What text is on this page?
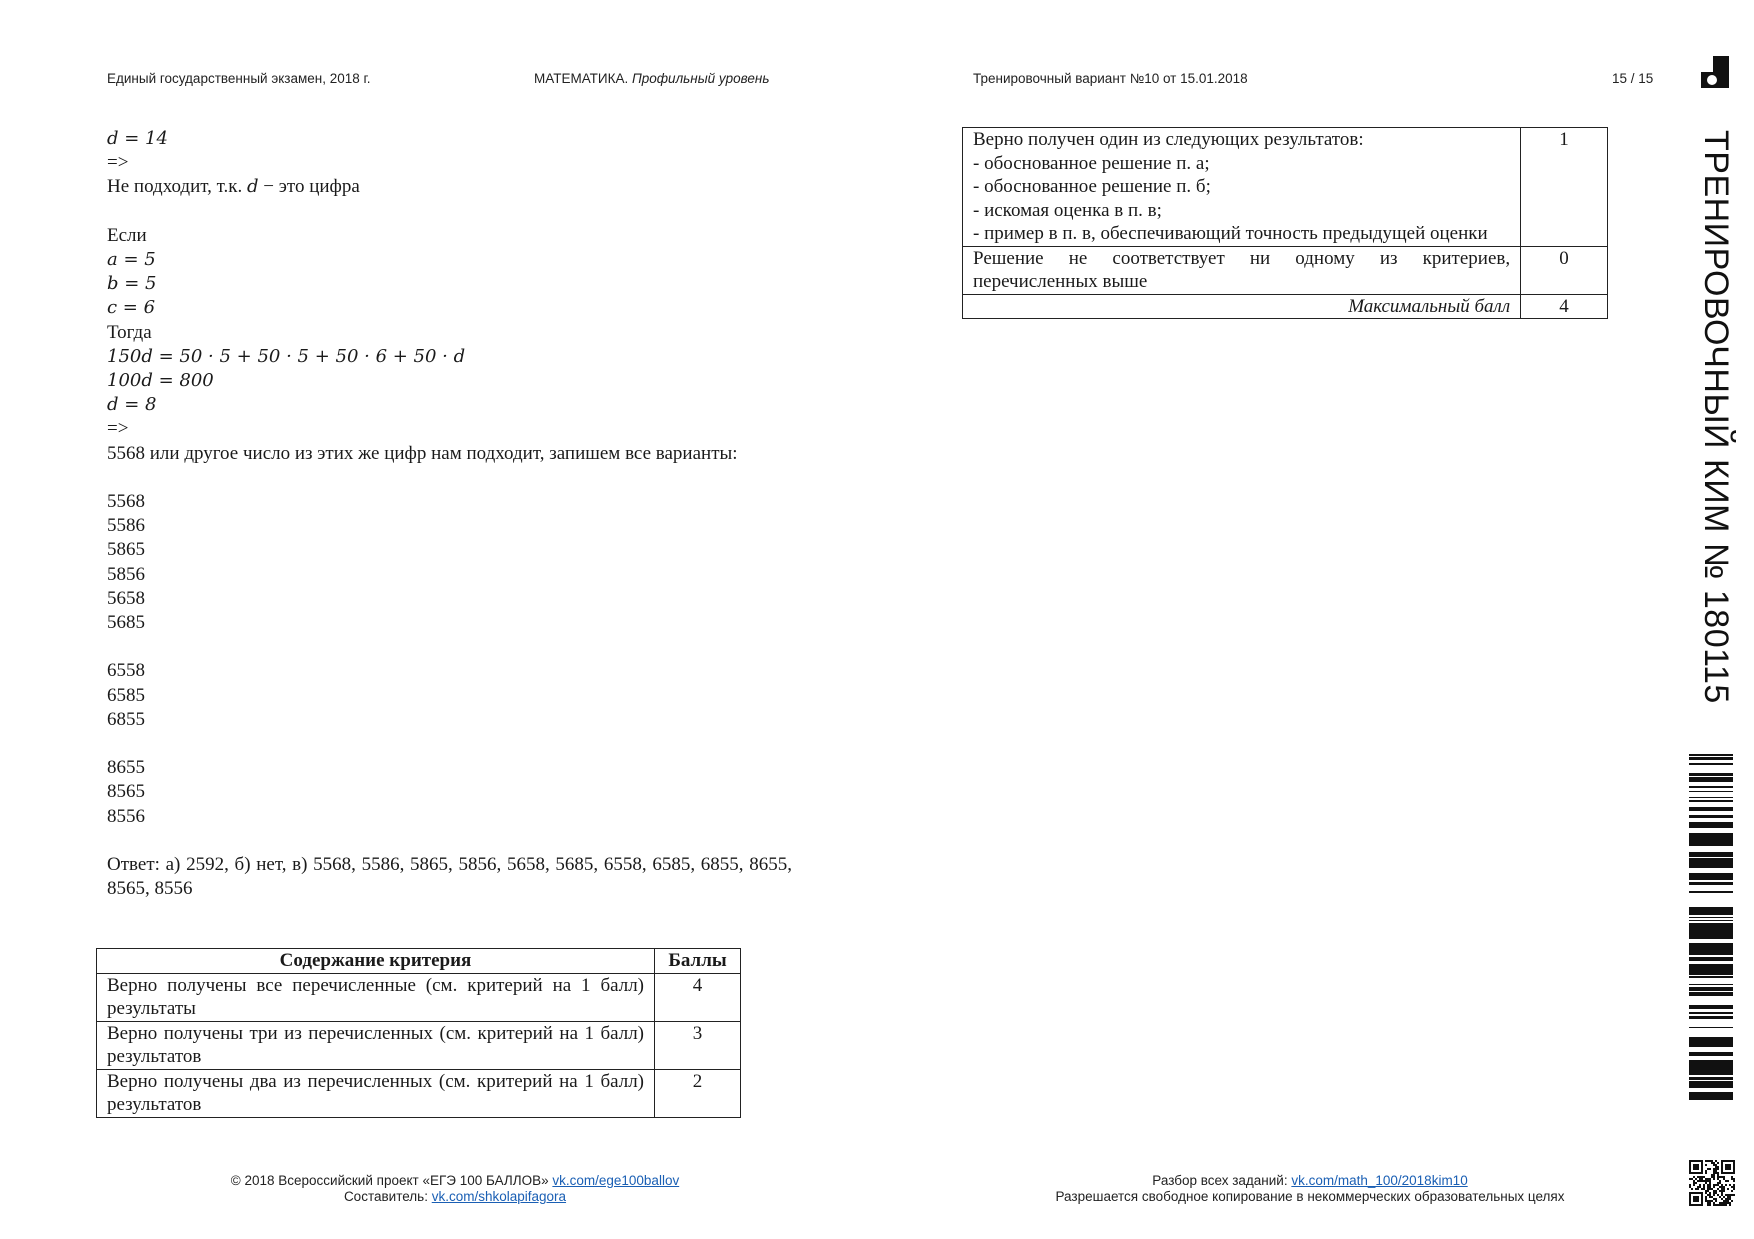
Единый государственный экзамен, 2018 г.	МАТЕМАТИКА. Профильный уровень	Тренировочный вариант №10 от 15.01.2018	15 / 15
d = 14
=>
Не подходит, т.к. d − это цифра
Если
a = 5
b = 5
c = 6
Тогда
150d = 50 · 5 + 50 · 5 + 50 · 6 + 50 · d
100d = 800
d = 8
=>
5568 или другое число из этих же цифр нам подходит, запишем все варианты:
5568
5586
5865
5856
5658
5685
6558
6585
6855
8655
8565
8556
Ответ: а) 2592, б) нет, в) 5568, 5586, 5865, 5856, 5658, 5685, 6558, 6585, 6855, 8655, 8565, 8556
Содержание критерия	Баллы
Верно получены все перечисленные (см. критерий на 1 балл) результаты	4
Верно получены три из перечисленных (см. критерий на 1 балл) результатов	3
Верно получены два из перечисленных (см. критерий на 1 балл) результатов	2
Верно получен один из следующих результатов:
- обоснованное решение п. а;
- обоснованное решение п. б;
- искомая оценка в п. в;
- пример в п. в, обеспечивающий точность предыдущей оценки	1
Решение не соответствует ни одному из критериев, перечисленных выше	0
Максимальный балл	4	ТРЕНИРОВОЧНЫЙ КИМ № 180115
© 2018 Всероссийский проект «ЕГЭ 100 БАЛЛОВ» vk.com/ege100ballov
Составитель: vk.com/shkolapifagora
Разбор всех заданий: vk.com/math_100/2018kim10
Разрешается свободное копирование в некоммерческих образовательных целях
